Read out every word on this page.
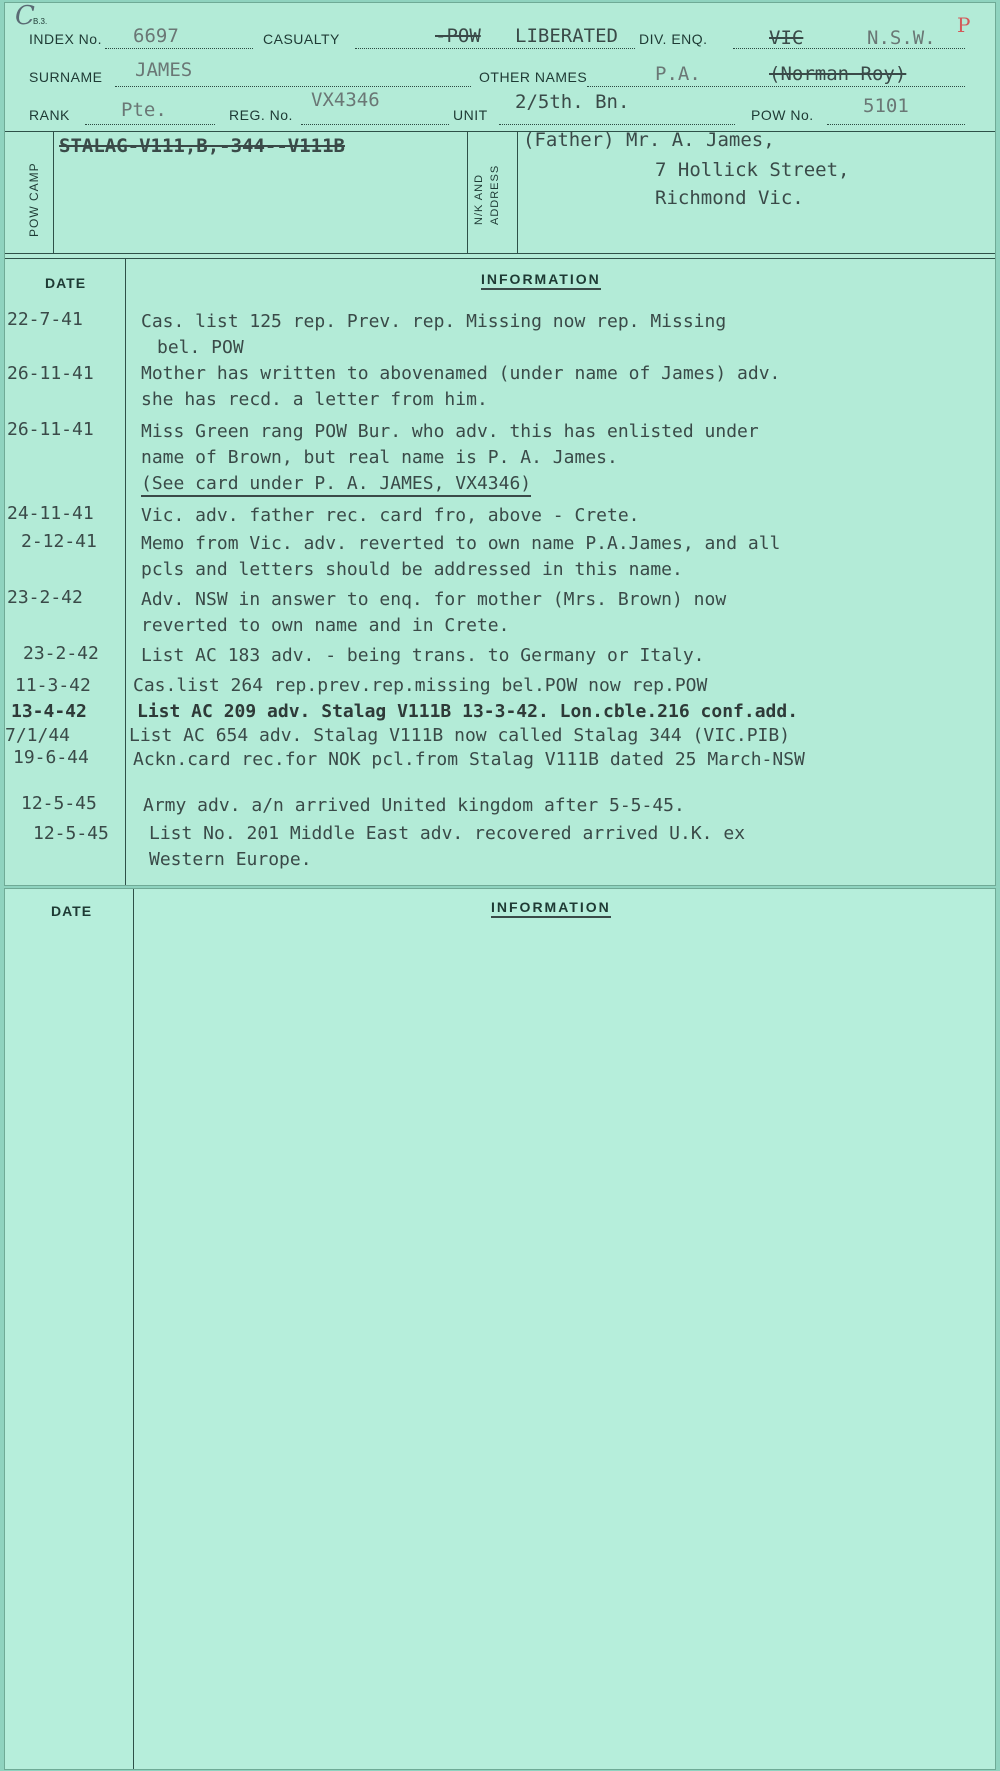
B.3.
C	P
INDEX No. 6697	CASUALTY	-POW LIBERATED DIV. ENQ.	VIC	N.S.W.
SURNAME JAMES	OTHER NAMES	P.A.	(Norman Roy)
RANK	Pte.	REG. No.
VX4346
UNIT
2/5th. Bn.
POW No.	5101
POW CAMP
STALAG-V111,B,-344--V111B
N/K AND ADDRESS
(Father) Mr. A. James,
7 Hollick Street,
Richmond Vic.
DATE	INFORMATION
22-7-41	Cas. list 125 rep. Prev. rep. Missing now rep. Missing
bel. POW
26-11-41	Mother has written to abovenamed (under name of James) adv.
she has recd. a letter from him.
26-11-41	Miss Green rang POW Bur. who adv. this has enlisted under
name of Brown, but real name is P. A. James.
(See card under P. A. JAMES, VX4346)
24-11-41	Vic. adv. father rec. card fro, above - Crete.
2-12-41 Memo from Vic. adv. reverted to own name P.A.James, and all
pcls and letters should be addressed in this name.
23-2-42	Adv. NSW in answer to enq. for mother (Mrs. Brown) now
reverted to own name and in Crete.
23-2-42 List AC 183 adv. - being trans. to Germany or Italy.
11-3-42 Cas.list 264 rep.prev.rep.missing bel.POW now rep.POW
13-4-42	List AC 209 adv. Stalag V111B 13-3-42. Lon.cble.216 conf.add.
7/1/44	List AC 654 adv. Stalag V111B now called Stalag 344 (VIC.PIB)
19-6-44 Ackn.card rec.for NOK pcl.from Stalag V111B dated 25 March-NSW
12-5-45	Army adv. a/n arrived United kingdom after 5-5-45.
12-5-45 List No. 201 Middle East adv. recovered arrived U.K. ex
Western Europe.
DATE	INFORMATION
